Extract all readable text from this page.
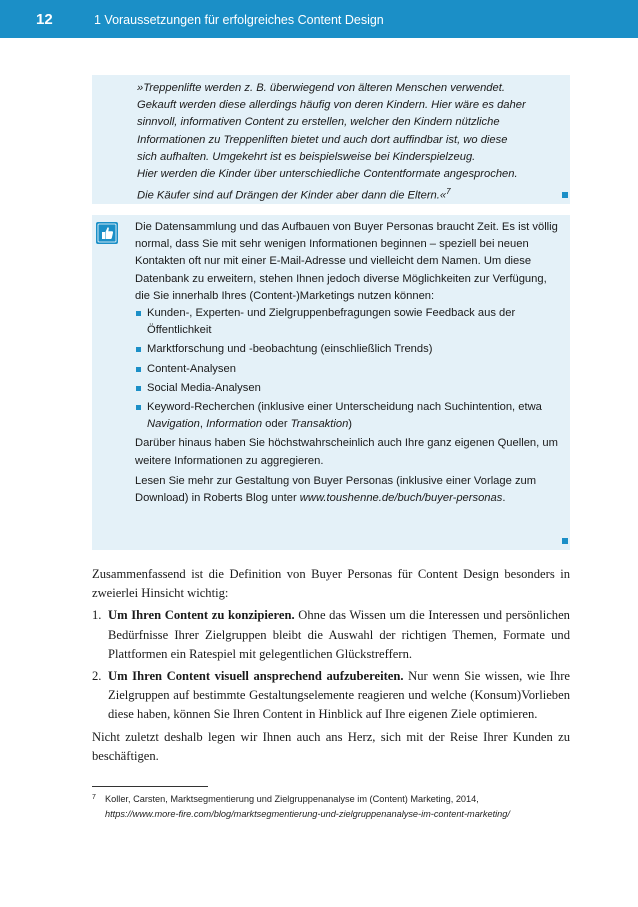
12	1 Voraussetzungen für erfolgreiches Content Design
»Treppenlifte werden z. B. überwiegend von älteren Menschen verwendet.
Gekauft werden diese allerdings häufig von deren Kindern. Hier wäre es daher
sinnvoll, informativen Content zu erstellen, welcher den Kindern nützliche
Informationen zu Treppenliften bietet und auch dort auffindbar ist, wo diese
sich aufhalten. Umgekehrt ist es beispielsweise bei Kinderspielzeug.
Hier werden die Kinder über unterschiedliche Contentformate angesprochen.
Die Käufer sind auf Drängen der Kinder aber dann die Eltern.«$^7$

Die Datensammlung und das Aufbauen von Buyer Personas braucht Zeit. Es ist völlig normal, dass Sie mit sehr wenigen Informationen beginnen – speziell bei neuen Kontakten oft nur mit einer E-Mail-Adresse und vielleicht dem Namen. Um diese Datenbank zu erweitern, stehen Ihnen jedoch diverse Möglichkeiten zur Verfügung, die Sie innerhalb Ihres (Content-)Marketings nutzen können:

Kunden-, Experten- und Zielgruppenbefragungen sowie Feedback aus der Öffentlichkeit
Marktforschung und -beobachtung (einschließlich Trends)
Content-Analysen
Social Media-Analysen
Keyword-Recherchen (inklusive einer Unterscheidung nach Suchintention, etwa Navigation, Information oder Transaktion)

Darüber hinaus haben Sie höchstwahrscheinlich auch Ihre ganz eigenen Quellen, um weitere Informationen zu aggregieren.

Lesen Sie mehr zur Gestaltung von Buyer Personas (inklusive einer Vorlage zum Download) in Roberts Blog unter www.toushenne.de/buch/buyer-personas.

Zusammenfassend ist die Definition von Buyer Personas für Content Design besonders in zweierlei Hinsicht wichtig:

1. Um Ihren Content zu konzipieren. Ohne das Wissen um die Interessen und persönlichen Bedürfnisse Ihrer Zielgruppen bleibt die Auswahl der richtigen Themen, Formate und Plattformen ein Ratespiel mit gelegentlichen Glückstreffern.
2. Um Ihren Content visuell ansprechend aufzubereiten. Nur wenn Sie wissen, wie Ihre Zielgruppen auf bestimmte Gestaltungselemente reagieren und welche (Konsum)Vorlieben diese haben, können Sie Ihren Content in Hinblick auf Ihre eigenen Ziele optimieren.

Nicht zuletzt deshalb legen wir Ihnen auch ans Herz, sich mit der Reise Ihrer Kunden zu beschäftigen.

7 Koller, Carsten, Marktsegmentierung und Zielgruppenanalyse im (Content) Marketing, 2014,
https://www.more-fire.com/blog/marktsegmentierung-und-zielgruppenanalyse-im-content-marketing/
